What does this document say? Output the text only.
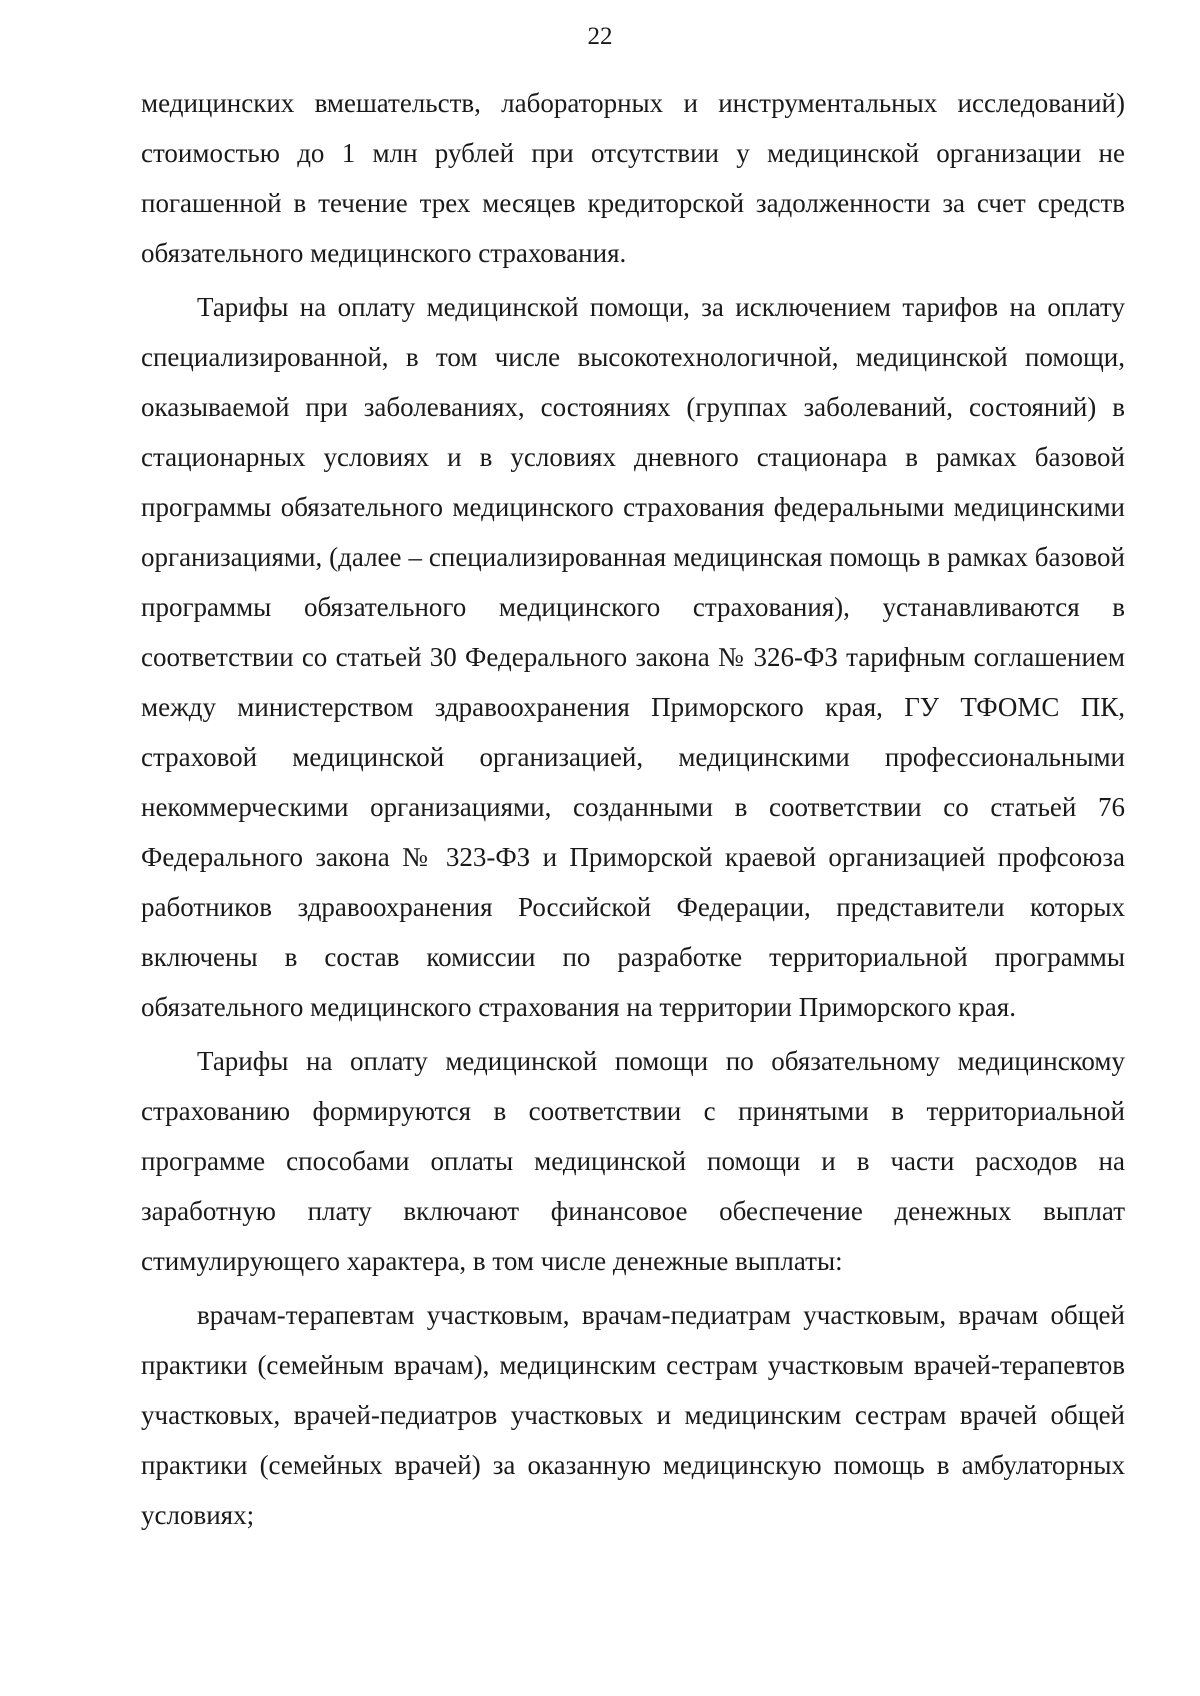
22

медицинских вмешательств, лабораторных и инструментальных исследований) стоимостью до 1 млн рублей при отсутствии у медицинской организации не погашенной в течение трех месяцев кредиторской задолженности за счет средств обязательного медицинского страхования.

Тарифы на оплату медицинской помощи, за исключением тарифов на оплату специализированной, в том числе высокотехнологичной, медицинской помощи, оказываемой при заболеваниях, состояниях (группах заболеваний, состояний) в стационарных условиях и в условиях дневного стационара в рамках базовой программы обязательного медицинского страхования федеральными медицинскими организациями, (далее – специализированная медицинская помощь в рамках базовой программы обязательного медицинского страхования), устанавливаются в соответствии со статьей 30 Федерального закона № 326-ФЗ тарифным соглашением между министерством здравоохранения Приморского края, ГУ ТФОМС ПК, страховой медицинской организацией, медицинскими профессиональными некоммерческими организациями, созданными в соответствии со статьей 76 Федерального закона № 323-ФЗ и Приморской краевой организацией профсоюза работников здравоохранения Российской Федерации, представители которых включены в состав комиссии по разработке территориальной программы обязательного медицинского страхования на территории Приморского края.

Тарифы на оплату медицинской помощи по обязательному медицинскому страхованию формируются в соответствии с принятыми в территориальной программе способами оплаты медицинской помощи и в части расходов на заработную плату включают финансовое обеспечение денежных выплат стимулирующего характера, в том числе денежные выплаты:

врачам-терапевтам участковым, врачам-педиатрам участковым, врачам общей практики (семейным врачам), медицинским сестрам участковым врачей-терапевтов участковых, врачей-педиатров участковых и медицинским сестрам врачей общей практики (семейных врачей) за оказанную медицинскую помощь в амбулаторных условиях;
